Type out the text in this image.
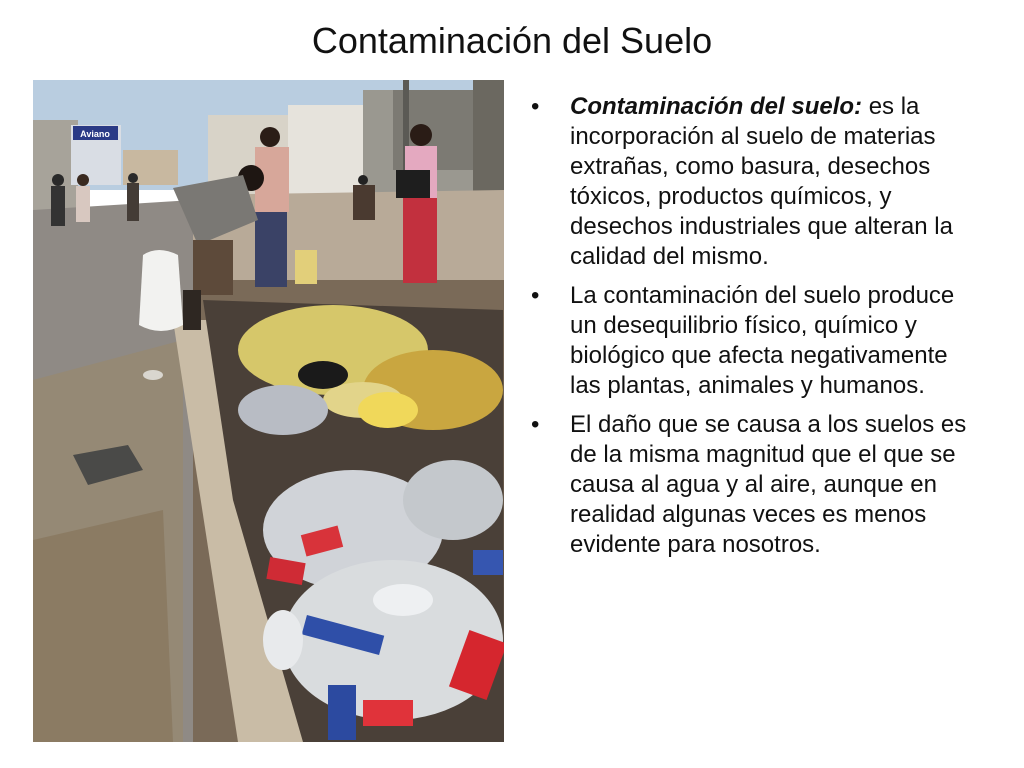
Contaminación del Suelo
Aviano
•	Contaminación del suelo: es la incorporación al suelo de materias extrañas, como basura, desechos tóxicos, productos químicos, y desechos industriales que alteran la calidad del mismo.
•	La contaminación del suelo produce un desequilibrio físico, químico y biológico que afecta negativamente las plantas, animales y humanos.
•	El daño que se causa a los suelos es de la misma magnitud que el que se causa al agua y al aire, aunque en realidad algunas veces es menos evidente para nosotros.
